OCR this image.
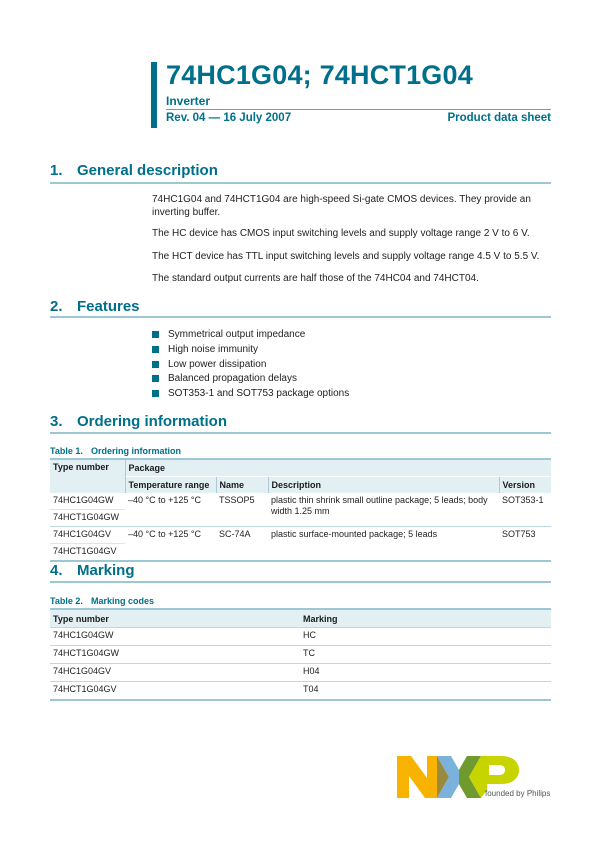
74HC1G04; 74HCT1G04
Inverter
Rev. 04 — 16 July 2007	Product data sheet
1. General description
74HC1G04 and 74HCT1G04 are high-speed Si-gate CMOS devices. They provide an inverting buffer.
The HC device has CMOS input switching levels and supply voltage range 2 V to 6 V.
The HCT device has TTL input switching levels and supply voltage range 4.5 V to 5.5 V.
The standard output currents are half those of the 74HC04 and 74HCT04.
2. Features
Symmetrical output impedance
High noise immunity
Low power dissipation
Balanced propagation delays
SOT353-1 and SOT753 package options
3. Ordering information
Table 1. Ordering information
Type number	Package			
	Temperature range	Name	Description	Version
74HC1G04GW	–40 °C to +125 °C	TSSOP5	plastic thin shrink small outline package; 5 leads; body width 1.25 mm	SOT353-1
74HCT1G04GW				
74HC1G04GV	–40 °C to +125 °C	SC-74A	plastic surface-mounted package; 5 leads	SOT753
74HCT1G04GV				
4. Marking
Table 2. Marking codes
Type number	Marking
74HC1G04GW	HC
74HCT1G04GW	TC
74HC1G04GV	H04
74HCT1G04GV	T04
founded by Philips
